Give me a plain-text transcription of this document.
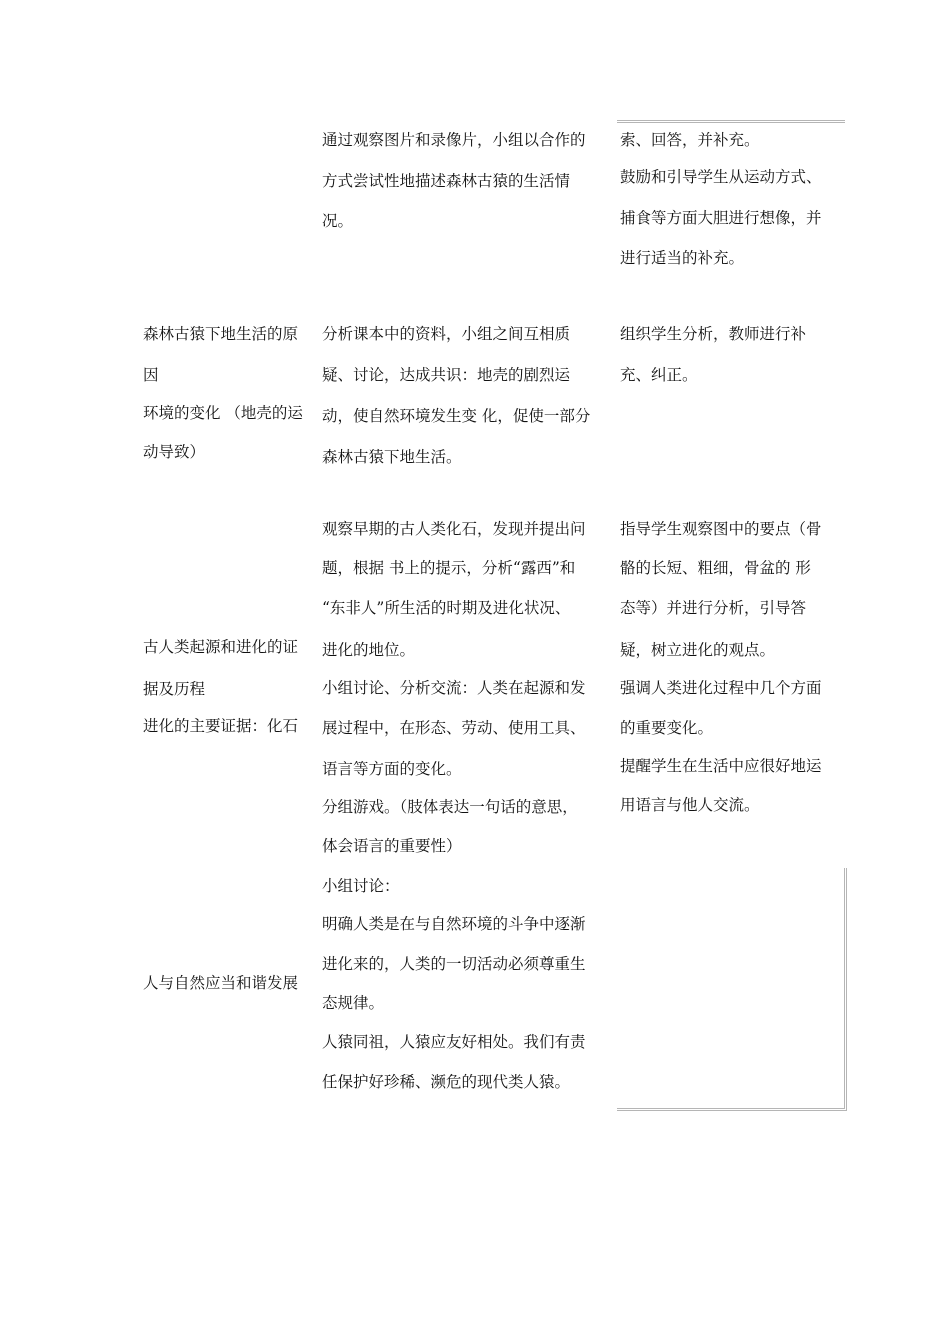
通过观察图片和录像片，小组以合作的
方式尝试性地描述森林古猿的生活情
况。
索、回答，并补充。
鼓励和引导学生从运动方式、
捕食等方面大胆进行想像，并
进行适当的补充。
森林古猿下地生活的原
因
环境的变化 （地壳的运
动导致）
分析课本中的资料，小组之间互相质
疑、讨论，达成共识：地壳的剧烈运
动，使自然环境发生变 化，促使一部分
森林古猿下地生活。
组织学生分析，教师进行补
充、纠正。
古人类起源和进化的证
据及历程
进化的主要证据：化石
观察早期的古人类化石，发现并提出问
题，根据 书上的提示，分析“露西”和
“东非人”所生活的时期及进化状况、
进化的地位。
小组讨论、分析交流：人类在起源和发
展过程中，在形态、劳动、使用工具、
语言等方面的变化。
分组游戏。（肢体表达一句话的意思，
体会语言的重要性）
指导学生观察图中的要点（骨
骼的长短、粗细，骨盆的 形
态等）并进行分析，引导答
疑，树立进化的观点。
强调人类进化过程中几个方面
的重要变化。
提醒学生在生活中应很好地运
用语言与他人交流。
人与自然应当和谐发展
小组讨论：
明确人类是在与自然环境的斗争中逐渐
进化来的，人类的一切活动必须尊重生
态规律。
人猿同祖，人猿应友好相处。我们有责
任保护好珍稀、濒危的现代类人猿。
